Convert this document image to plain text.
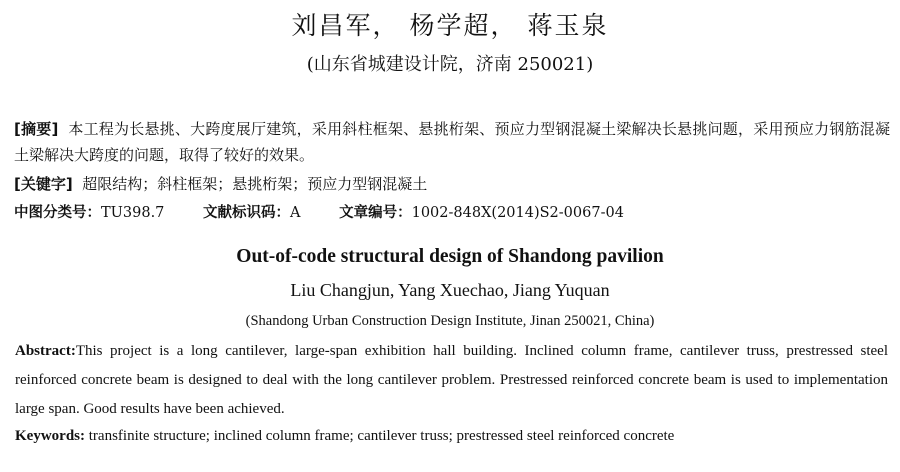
刘昌军， 杨学超， 蒋玉泉
(山东省城建设计院，济南 250021)
[摘要] 本工程为长悬挑、大跨度展厅建筑，采用斜柱框架、悬挑桁架、预应力型钢混凝土梁解决长悬挑问题，采用预应力钢筋混凝土梁解决大跨度的问题，取得了较好的效果。
[关键字] 超限结构；斜柱框架；悬挑桁架；预应力型钢混凝土
中图分类号：TU398.7	文献标识码：A	文章编号：1002-848X(2014)S2-0067-04
Out-of-code structural design of Shandong pavilion
Liu Changjun, Yang Xuechao, Jiang Yuquan
(Shandong Urban Construction Design Institute, Jinan 250021, China)
Abstract:This project is a long cantilever, large-span exhibition hall building. Inclined column frame, cantilever truss, prestressed steel reinforced concrete beam is designed to deal with the long cantilever problem. Prestressed reinforced concrete beam is used to implementation large span. Good results have been achieved.
Keywords: transfinite structure; inclined column frame; cantilever truss; prestressed steel reinforced concrete
